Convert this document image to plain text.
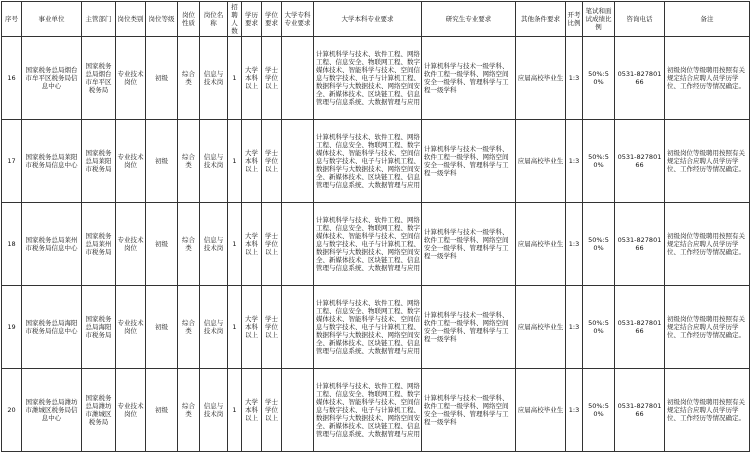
序号	事业单位	主管部门	岗位类别	岗位等级	岗位性质	岗位名称	招聘人数	学历要求	学位要求	大学专科专业要求	大学本科专业要求	研究生专业要求	其他条件要求	开考比例	笔试和面试成绩比例	咨询电话	备注
16	国家税务总局烟台市牟平区税务局信息中心	国家税务总局烟台市牟平区税务局	专业技术岗位	初级	综合类	信息与技术岗	1	大学本科以上	学士学位以上		计算机科学与技术、软件工程、网络工程、信息安全、物联网工程、数字媒体技术、智能科学与技术、空间信息与数字技术、电子与计算机工程、数据科学与大数据技术、网络空间安全、新媒体技术、区块链工程、信息管理与信息系统、大数据管理与应用	计算机科学与技术一级学科、软件工程一级学科、网络空间安全一级学科、管理科学与工程一级学科	应届高校毕业生	1:3	50%:50%	0531-82780166	初级岗位等级聘用按照有关规定结合应聘人员学历学位、工作经历等情况确定。
17	国家税务总局莱阳市税务局信息中心	国家税务总局莱阳市税务局	专业技术岗位	初级	综合类	信息与技术岗	1	大学本科以上	学士学位以上		计算机科学与技术、软件工程、网络工程、信息安全、物联网工程、数字媒体技术、智能科学与技术、空间信息与数字技术、电子与计算机工程、数据科学与大数据技术、网络空间安全、新媒体技术、区块链工程、信息管理与信息系统、大数据管理与应用	计算机科学与技术一级学科、软件工程一级学科、网络空间安全一级学科、管理科学与工程一级学科	应届高校毕业生	1:3	50%:50%	0531-82780166	初级岗位等级聘用按照有关规定结合应聘人员学历学位、工作经历等情况确定。
18	国家税务总局莱州市税务局信息中心	国家税务总局莱州市税务局	专业技术岗位	初级	综合类	信息与技术岗	1	大学本科以上	学士学位以上		计算机科学与技术、软件工程、网络工程、信息安全、物联网工程、数字媒体技术、智能科学与技术、空间信息与数字技术、电子与计算机工程、数据科学与大数据技术、网络空间安全、新媒体技术、区块链工程、信息管理与信息系统、大数据管理与应用	计算机科学与技术一级学科、软件工程一级学科、网络空间安全一级学科、管理科学与工程一级学科	应届高校毕业生	1:3	50%:50%	0531-82780166	初级岗位等级聘用按照有关规定结合应聘人员学历学位、工作经历等情况确定。
19	国家税务总局海阳市税务局信息中心	国家税务总局海阳市税务局	专业技术岗位	初级	综合类	信息与技术岗	1	大学本科以上	学士学位以上		计算机科学与技术、软件工程、网络工程、信息安全、物联网工程、数字媒体技术、智能科学与技术、空间信息与数字技术、电子与计算机工程、数据科学与大数据技术、网络空间安全、新媒体技术、区块链工程、信息管理与信息系统、大数据管理与应用	计算机科学与技术一级学科、软件工程一级学科、网络空间安全一级学科、管理科学与工程一级学科	应届高校毕业生	1:3	50%:50%	0531-82780166	初级岗位等级聘用按照有关规定结合应聘人员学历学位、工作经历等情况确定。
20	国家税务总局潍坊市潍城区税务局信息中心	国家税务总局潍坊市潍城区税务局	专业技术岗位	初级	综合类	信息与技术岗	1	大学本科以上	学士学位以上		计算机科学与技术、软件工程、网络工程、信息安全、物联网工程、数字媒体技术、智能科学与技术、空间信息与数字技术、电子与计算机工程、数据科学与大数据技术、网络空间安全、新媒体技术、区块链工程、信息管理与信息系统、大数据管理与应用	计算机科学与技术一级学科、软件工程一级学科、网络空间安全一级学科、管理科学与工程一级学科	应届高校毕业生	1:3	50%:50%	0531-82780166	初级岗位等级聘用按照有关规定结合应聘人员学历学位、工作经历等情况确定。
